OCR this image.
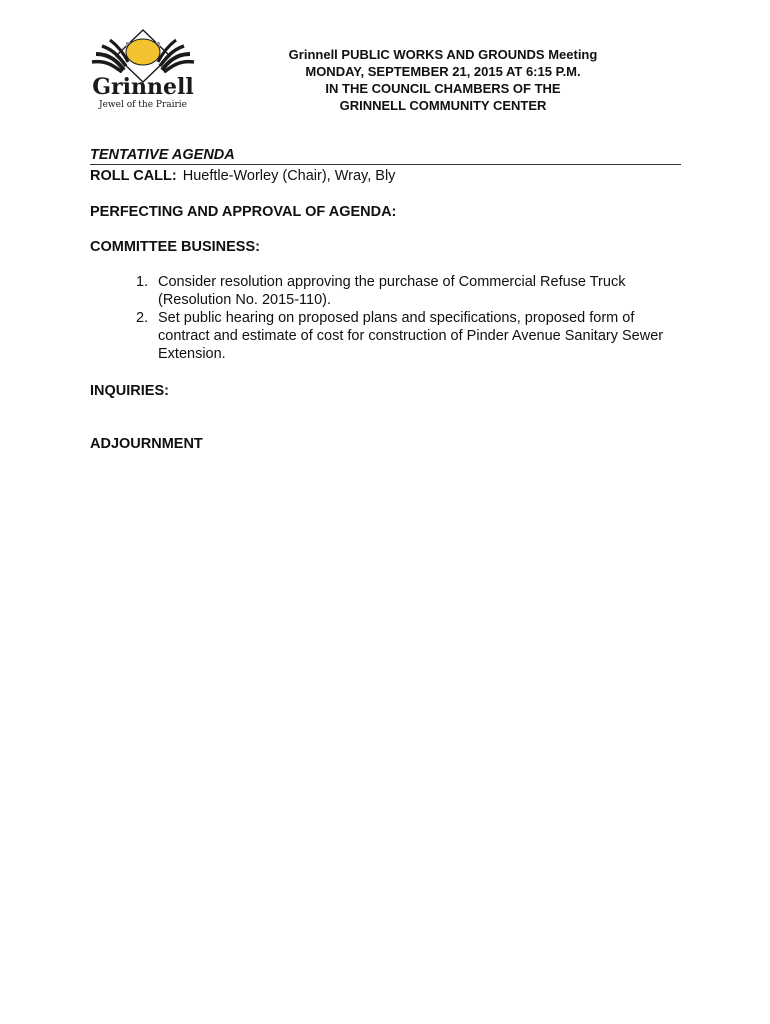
Grinnell
Jewel of the Prairie
Grinnell PUBLIC WORKS AND GROUNDS Meeting
MONDAY, SEPTEMBER 21, 2015 AT 6:15 P.M.
IN THE COUNCIL CHAMBERS OF THE
GRINNELL COMMUNITY CENTER
TENTATIVE AGENDA
ROLL CALL: Hueftle-Worley (Chair), Wray, Bly
PERFECTING AND APPROVAL OF AGENDA:
COMMITTEE BUSINESS:
1. Consider resolution approving the purchase of Commercial Refuse Truck (Resolution No. 2015-110).
2. Set public hearing on proposed plans and specifications, proposed form of contract and estimate of cost for construction of Pinder Avenue Sanitary Sewer Extension.
INQUIRIES:
ADJOURNMENT
